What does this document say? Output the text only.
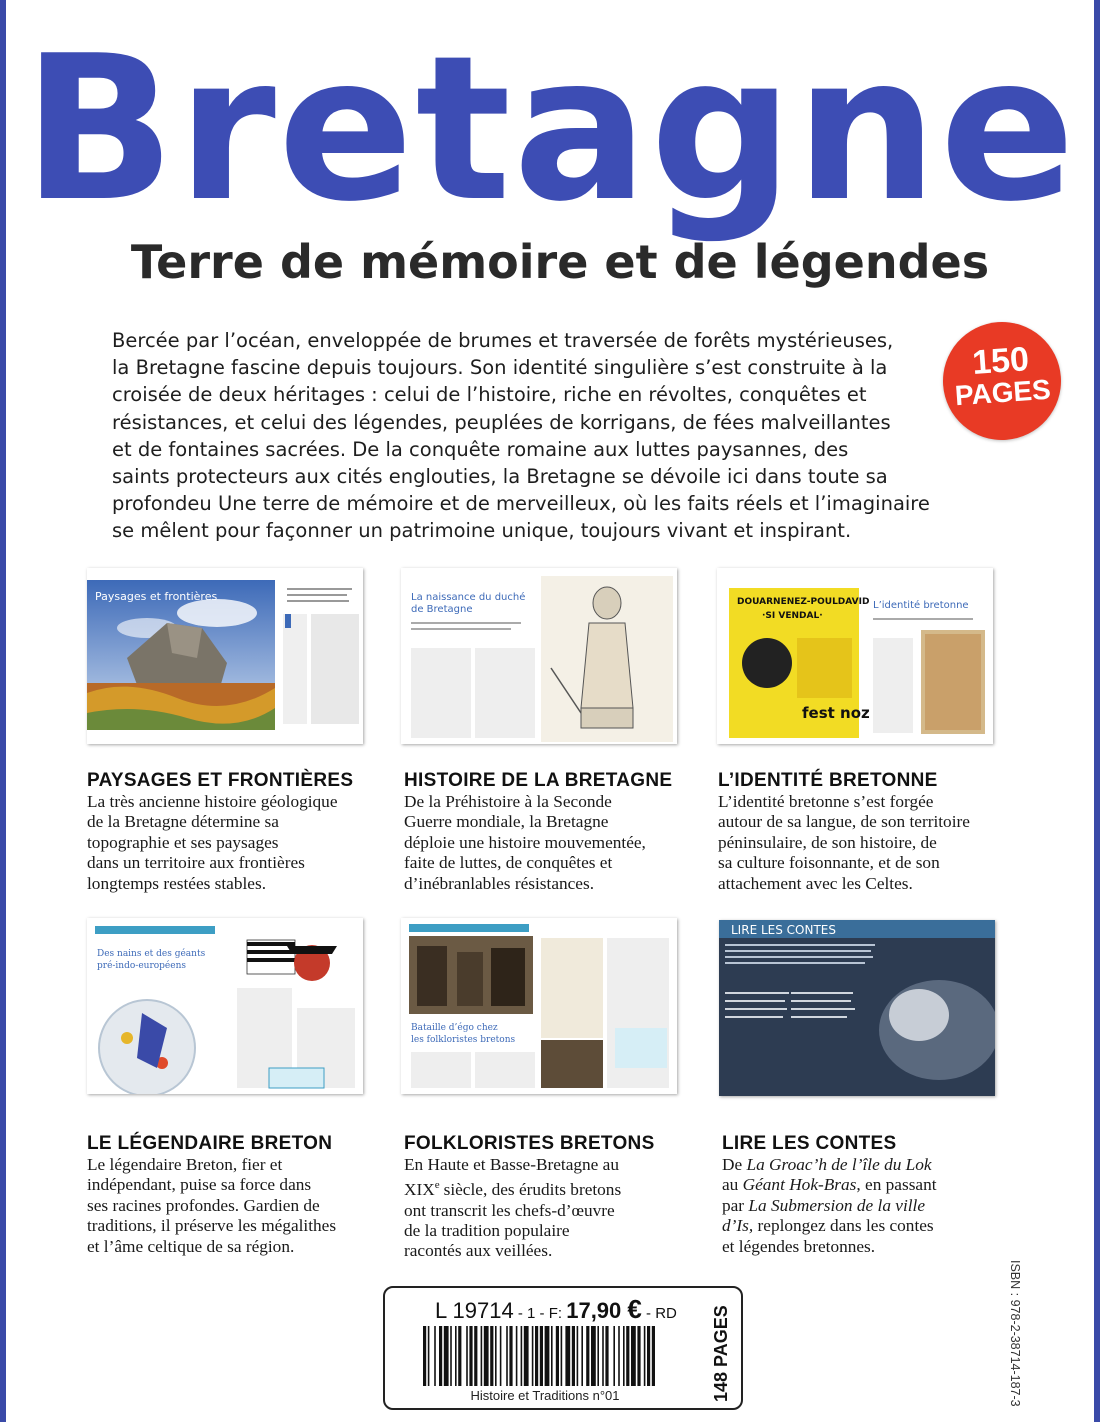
Bretagne
Terre de mémoire et de légendes

Bercée par l’océan, enveloppée de brumes et traversée de forêts mystérieuses,

la Bretagne fascine depuis toujours. Son identité singulière s’est construite à la

croisée de deux héritages : celui de l’histoire, riche en révoltes, conquêtes et

résistances, et celui des légendes, peuplées de korrigans, de fées malveillantes

et de fontaines sacrées. De la conquête romaine aux luttes paysannes, des

saints protecteurs aux cités englouties, la Bretagne se dévoile ici dans toute sa

profondeu Une terre de mémoire et de merveilleux, où les faits réels et l’imaginaire

se mêlent pour façonner un patrimoine unique, toujours vivant et inspirant.

150
PAGES
Paysages et frontières	La naissance du duché
de Bretagne
DOUARNENEZ-POULDAVID
·SI VENDAL·
fest noz
L’identité bretonne
Des nains et des géants
pré-indo-européens
Bataille d’égo chez
les folkloristes bretons
LIRE LES CONTES
PAYSAGES ET FRONTIÈRES

La très ancienne histoire géologique

de la Bretagne détermine sa

topographie et ses paysages

dans un territoire aux frontières

longtemps restées stables.

HISTOIRE DE LA BRETAGNE

De la Préhistoire à la Seconde

Guerre mondiale, la Bretagne

déploie une histoire mouvementée,

faite de luttes, de conquêtes et

d’inébranlables résistances.

L’IDENTITÉ BRETONNE

L’identité bretonne s’est forgée

autour de sa langue, de son territoire

péninsulaire, de son histoire, de

sa culture foisonnante, et de son

attachement avec les Celtes.

LE LÉGENDAIRE BRETON

Le légendaire Breton, fier et

indépendant, puise sa force dans

ses racines profondes. Gardien de

traditions, il préserve les mégalithes

et l’âme celtique de sa région.

FOLKLORISTES BRETONS

En Haute et Basse-Bretagne au

XIXe siècle, des érudits bretons

ont transcrit les chefs-d’œuvre

de la tradition populaire

racontés aux veillées.

LIRE LES CONTES

De La Groac’h de l’île du Lok

au Géant Hok-Bras, en passant

par La Submersion de la ville

d’Is, replongez dans les contes

et légendes bretonnes.

L 19714 - 1 - F: 17,90 € - RD 148 PAGES
Histoire et Traditions n°01	ISBN : 978-2-38714-187-3
